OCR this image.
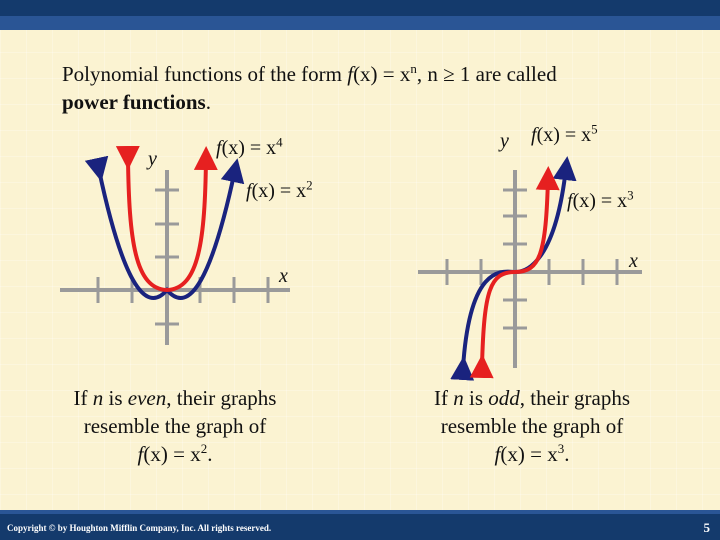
Polynomial functions of the form $f(x) = x^n$, n ≥ 1 are called
power functions.
y	$f(x) = x^4$
$f(x) = x^2$
x
y $f(x) = x^5$
$f(x) = x^3$
x
If n is even, their graphs
resemble the graph of
$f(x) = x^2$.
If n is odd, their graphs
resemble the graph of
$f(x) = x^3$.
Copyright © by Houghton Mifflin Company, Inc. All rights reserved.	5
